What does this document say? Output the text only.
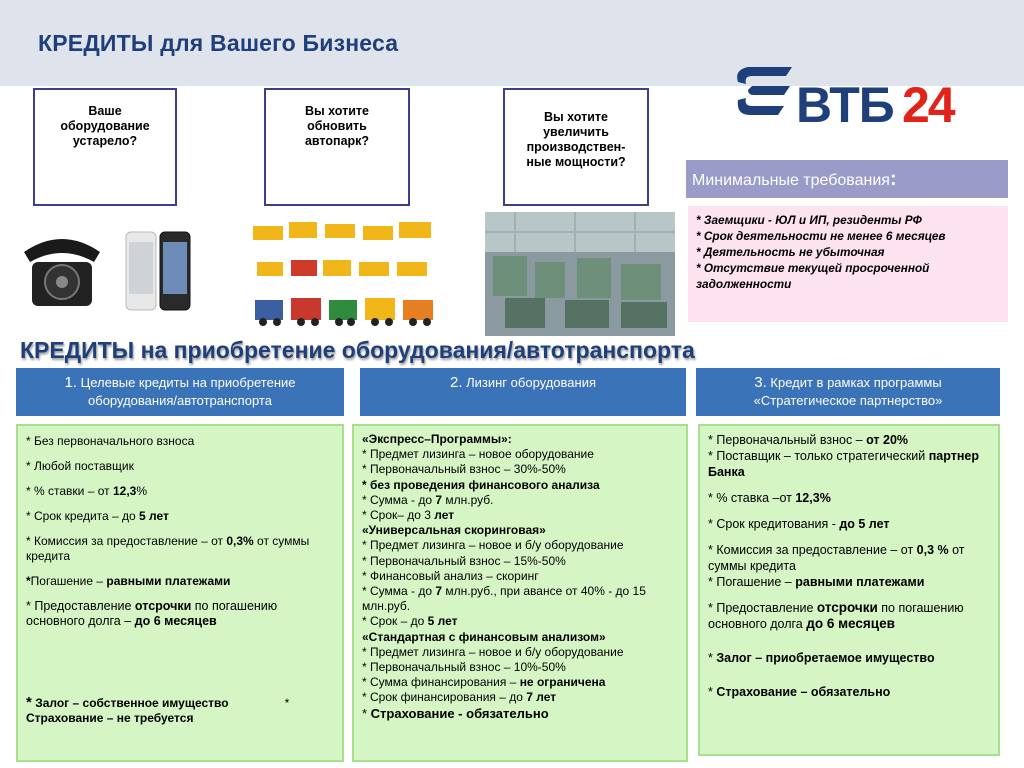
КРЕДИТЫ для Вашего Бизнеса
Ваше
оборудование
устарело?
Вы хотите
обновить
автопарк?
Вы хотите
увеличить
производствен-
ные мощности?
ВТБ 24
Минимальные требования:
* Заемщики - ЮЛ и ИП, резиденты РФ
* Срок деятельности не менее 6 месяцев
* Деятельность не убыточная
* Отсутствие текущей просроченной задолженности
КРЕДИТЫ на приобретение оборудования/автотранспорта
1. Целевые кредиты на приобретение
оборудования/автотранспорта
2. Лизинг оборудования	3. Кредит в рамках программы
«Стратегическое партнерство»

* Без первоначального взноса

* Любой поставщик

* % ставки – от 12,3%

* Срок кредита – до 5 лет

* Комиссия за предоставление – от 0,3% от суммы кредита

*Погашение – равными платежами

* Предоставление отсрочки по погашению основного долга – до 6 месяцев

* Залог – собственное имущество	*
Страхование – не требуется

«Экспресс–Программы»:

* Предмет лизинга – новое оборудование

* Первоначальный взнос – 30%-50%

* без проведения финансового анализа

* Сумма - до 7 млн.руб.

* Срок– до 3 лет

«Универсальная скоринговая»

* Предмет лизинга – новое и б/у оборудование

* Первоначальный взнос – 15%-50%

* Финансовый анализ – скоринг

* Сумма - до 7 млн.руб., при авансе от 40% - до 15 млн.руб.

* Срок – до 5 лет

«Стандартная с финансовым анализом»

* Предмет лизинга – новое и б/у оборудование

* Первоначальный взнос – 10%-50%

* Сумма финансирования – не ограничена

* Срок финансирования – до 7 лет

* Страхование - обязательно

* Первоначальный взнос – от 20%

* Поставщик – только стратегический партнер Банка

* % ставка –от 12,3%

* Срок кредитования - до 5 лет

* Комиссия за предоставление – от 0,3 % от суммы кредита

* Погашение – равными платежами

* Предоставление отсрочки по погашению основного долга до 6 месяцев

* Залог – приобретаемое имущество

* Страхование – обязательно
